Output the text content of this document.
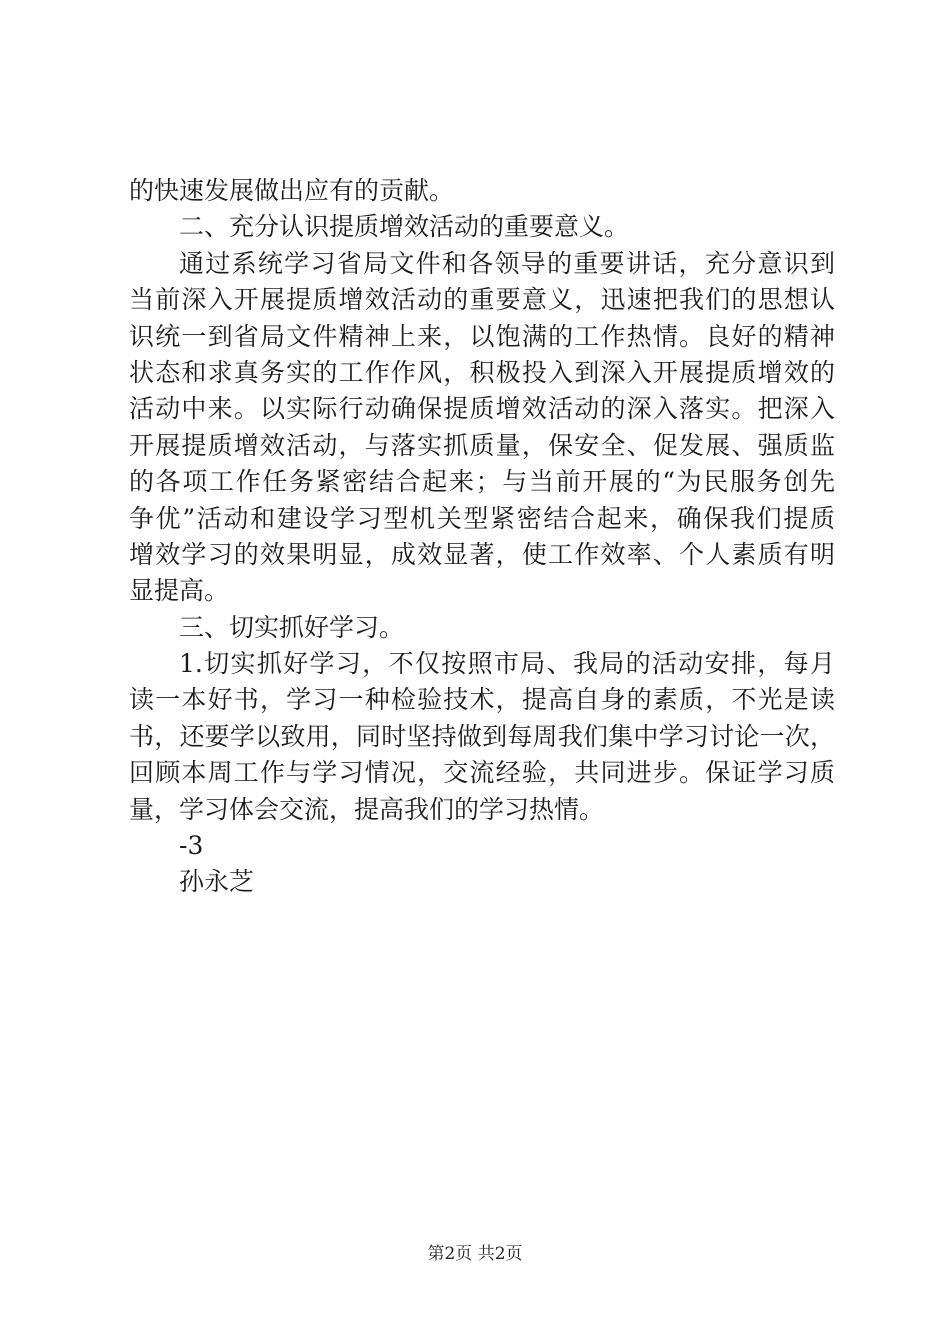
的快速发展做出应有的贡献。
二、充分认识提质增效活动的重要意义。
通过系统学习省局文件和各领导的重要讲话，充分意识到
当前深入开展提质增效活动的重要意义，迅速把我们的思想认
识统一到省局文件精神上来，以饱满的工作热情。良好的精神
状态和求真务实的工作作风，积极投入到深入开展提质增效的
活动中来。以实际行动确保提质增效活动的深入落实。把深入
开展提质增效活动，与落实抓质量，保安全、促发展、强质监
的各项工作任务紧密结合起来；与当前开展的“为民服务创先
争优”活动和建设学习型机关型紧密结合起来，确保我们提质
增效学习的效果明显，成效显著，使工作效率、个人素质有明
显提高。
三、切实抓好学习。
1.切实抓好学习，不仅按照市局、我局的活动安排，每月
读一本好书，学习一种检验技术，提高自身的素质，不光是读
书，还要学以致用，同时坚持做到每周我们集中学习讨论一次，
回顾本周工作与学习情况，交流经验，共同进步。保证学习质
量，学习体会交流，提高我们的学习热情。
-3
孙永芝
第2页 共2页
